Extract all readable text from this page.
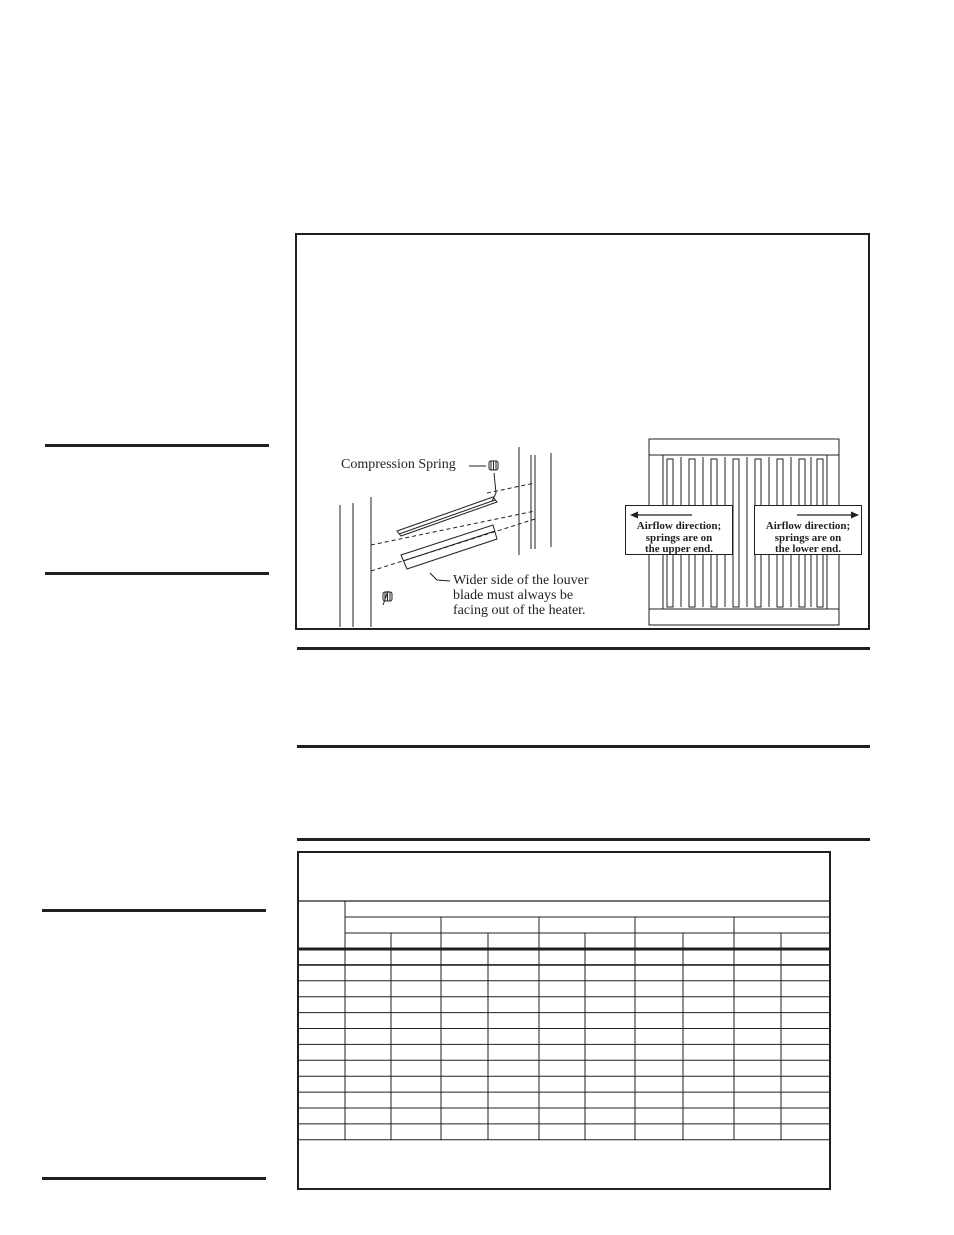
Compression Spring
Wider side of the louver
blade must always be
facing out of the heater.
Airflow direction;
springs are on
the upper end.
Airflow direction;
springs are on
the lower end.
